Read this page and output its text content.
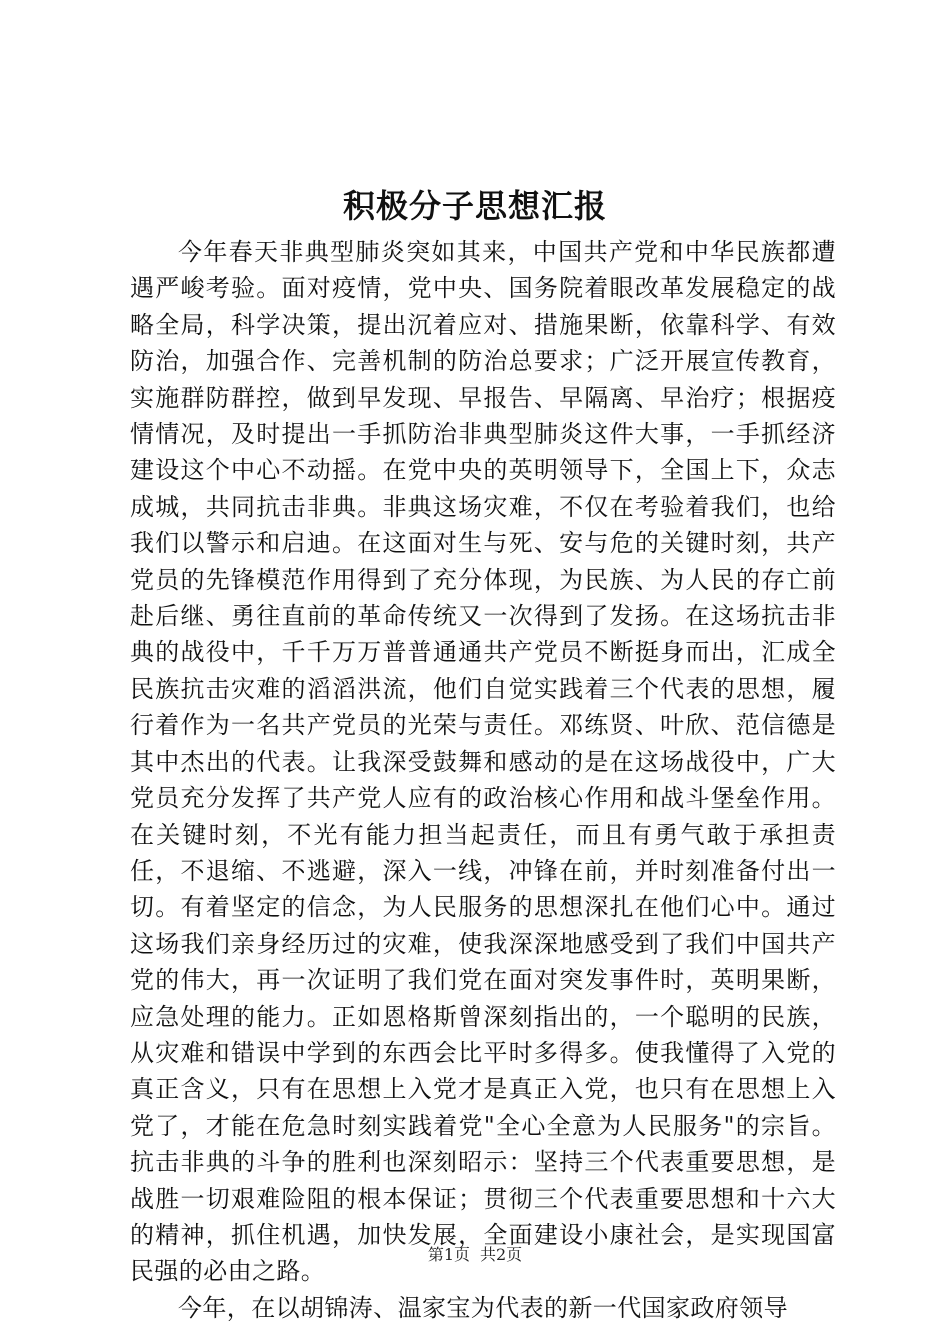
积极分子思想汇报

今年春天非典型肺炎突如其来，中国共产党和中华民族都遭遇严峻考验。面对疫情，党中央、国务院着眼改革发展稳定的战略全局，科学决策，提出沉着应对、措施果断，依靠科学、有效防治，加强合作、完善机制的防治总要求；广泛开展宣传教育，实施群防群控，做到早发现、早报告、早隔离、早治疗；根据疫情情况，及时提出一手抓防治非典型肺炎这件大事，一手抓经济建设这个中心不动摇。在党中央的英明领导下，全国上下，众志成城，共同抗击非典。非典这场灾难，不仅在考验着我们，也给我们以警示和启迪。在这面对生与死、安与危的关键时刻，共产党员的先锋模范作用得到了充分体现，为民族、为人民的存亡前赴后继、勇往直前的革命传统又一次得到了发扬。在这场抗击非典的战役中，千千万万普普通通共产党员不断挺身而出，汇成全民族抗击灾难的滔滔洪流，他们自觉实践着三个代表的思想，履行着作为一名共产党员的光荣与责任。邓练贤、叶欣、范信德是其中杰出的代表。让我深受鼓舞和感动的是在这场战役中，广大党员充分发挥了共产党人应有的政治核心作用和战斗堡垒作用。在关键时刻，不光有能力担当起责任，而且有勇气敢于承担责任，不退缩、不逃避，深入一线，冲锋在前，并时刻准备付出一切。有着坚定的信念，为人民服务的思想深扎在他们心中。通过这场我们亲身经历过的灾难，使我深深地感受到了我们中国共产党的伟大，再一次证明了我们党在面对突发事件时，英明果断，应急处理的能力。正如恩格斯曾深刻指出的，一个聪明的民族，从灾难和错误中学到的东西会比平时多得多。使我懂得了入党的真正含义，只有在思想上入党才是真正入党，也只有在思想上入党了，才能在危急时刻实践着党"全心全意为人民服务"的宗旨。抗击非典的斗争的胜利也深刻昭示：坚持三个代表重要思想，是战胜一切艰难险阻的根本保证；贯彻三个代表重要思想和十六大的精神，抓住机遇，加快发展，全面建设小康社会，是实现国富民强的必由之路。

今年，在以胡锦涛、温家宝为代表的新一代国家政府领导

第1页 共2页
